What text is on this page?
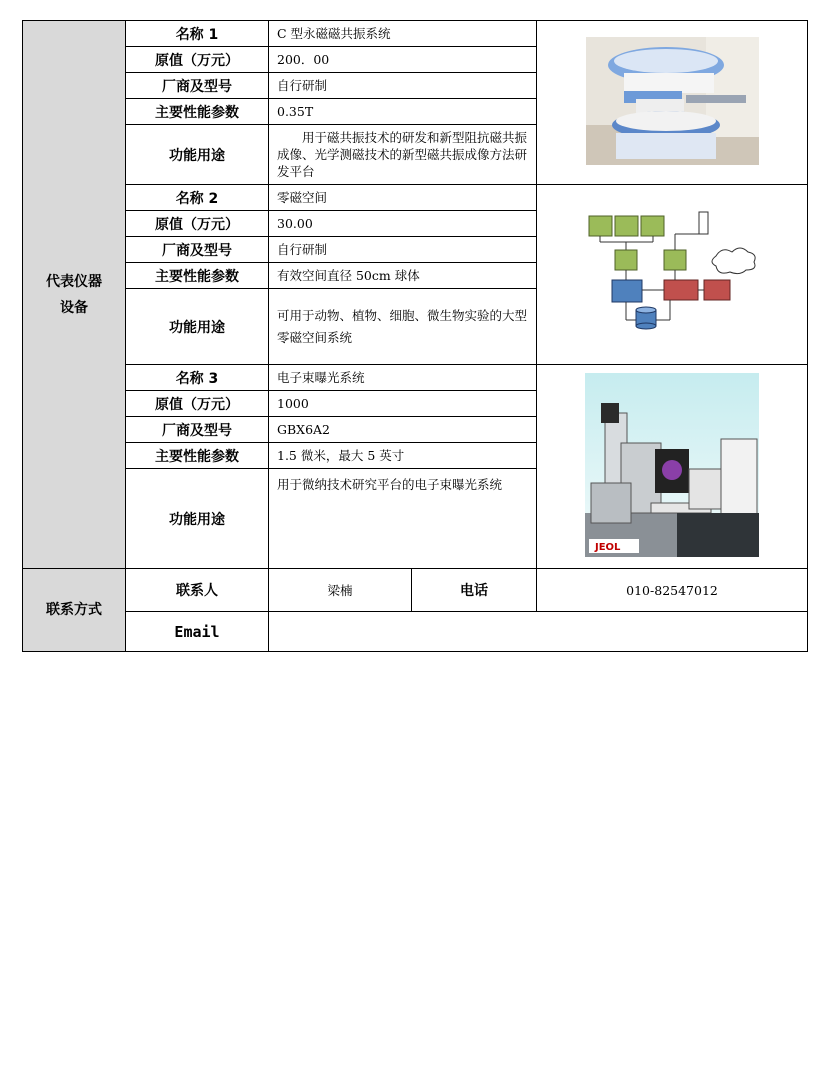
代表仪器设备	名称 1	C 型永磁磁共振系统	
	原值（万元）	200．00		
	厂商及型号	自行研制		
	主要性能参数	0.35T		
	功能用途	用于磁共振技术的研发和新型阻抗磁共振成像、光学测磁技术的新型磁共振成像方法研发平台		

	名称 2	零磁空间	
	原值（万元）	30.00		
	厂商及型号	自行研制		
	主要性能参数	有效空间直径 50cm 球体		
	功能用途	可用于动物、植物、细胞、微生物实验的大型零磁空间系统		
	名称 3	电子束曝光系统		JEOL

	原值（万元）	1000		
	厂商及型号	GBX6A2		
	主要性能参数	1.5 微米，最大 5 英寸		
	功能用途	用于微纳技术研究平台的电子束曝光系统		
联系方式	联系人	梁楠	电话	010-82547012
	Email			
